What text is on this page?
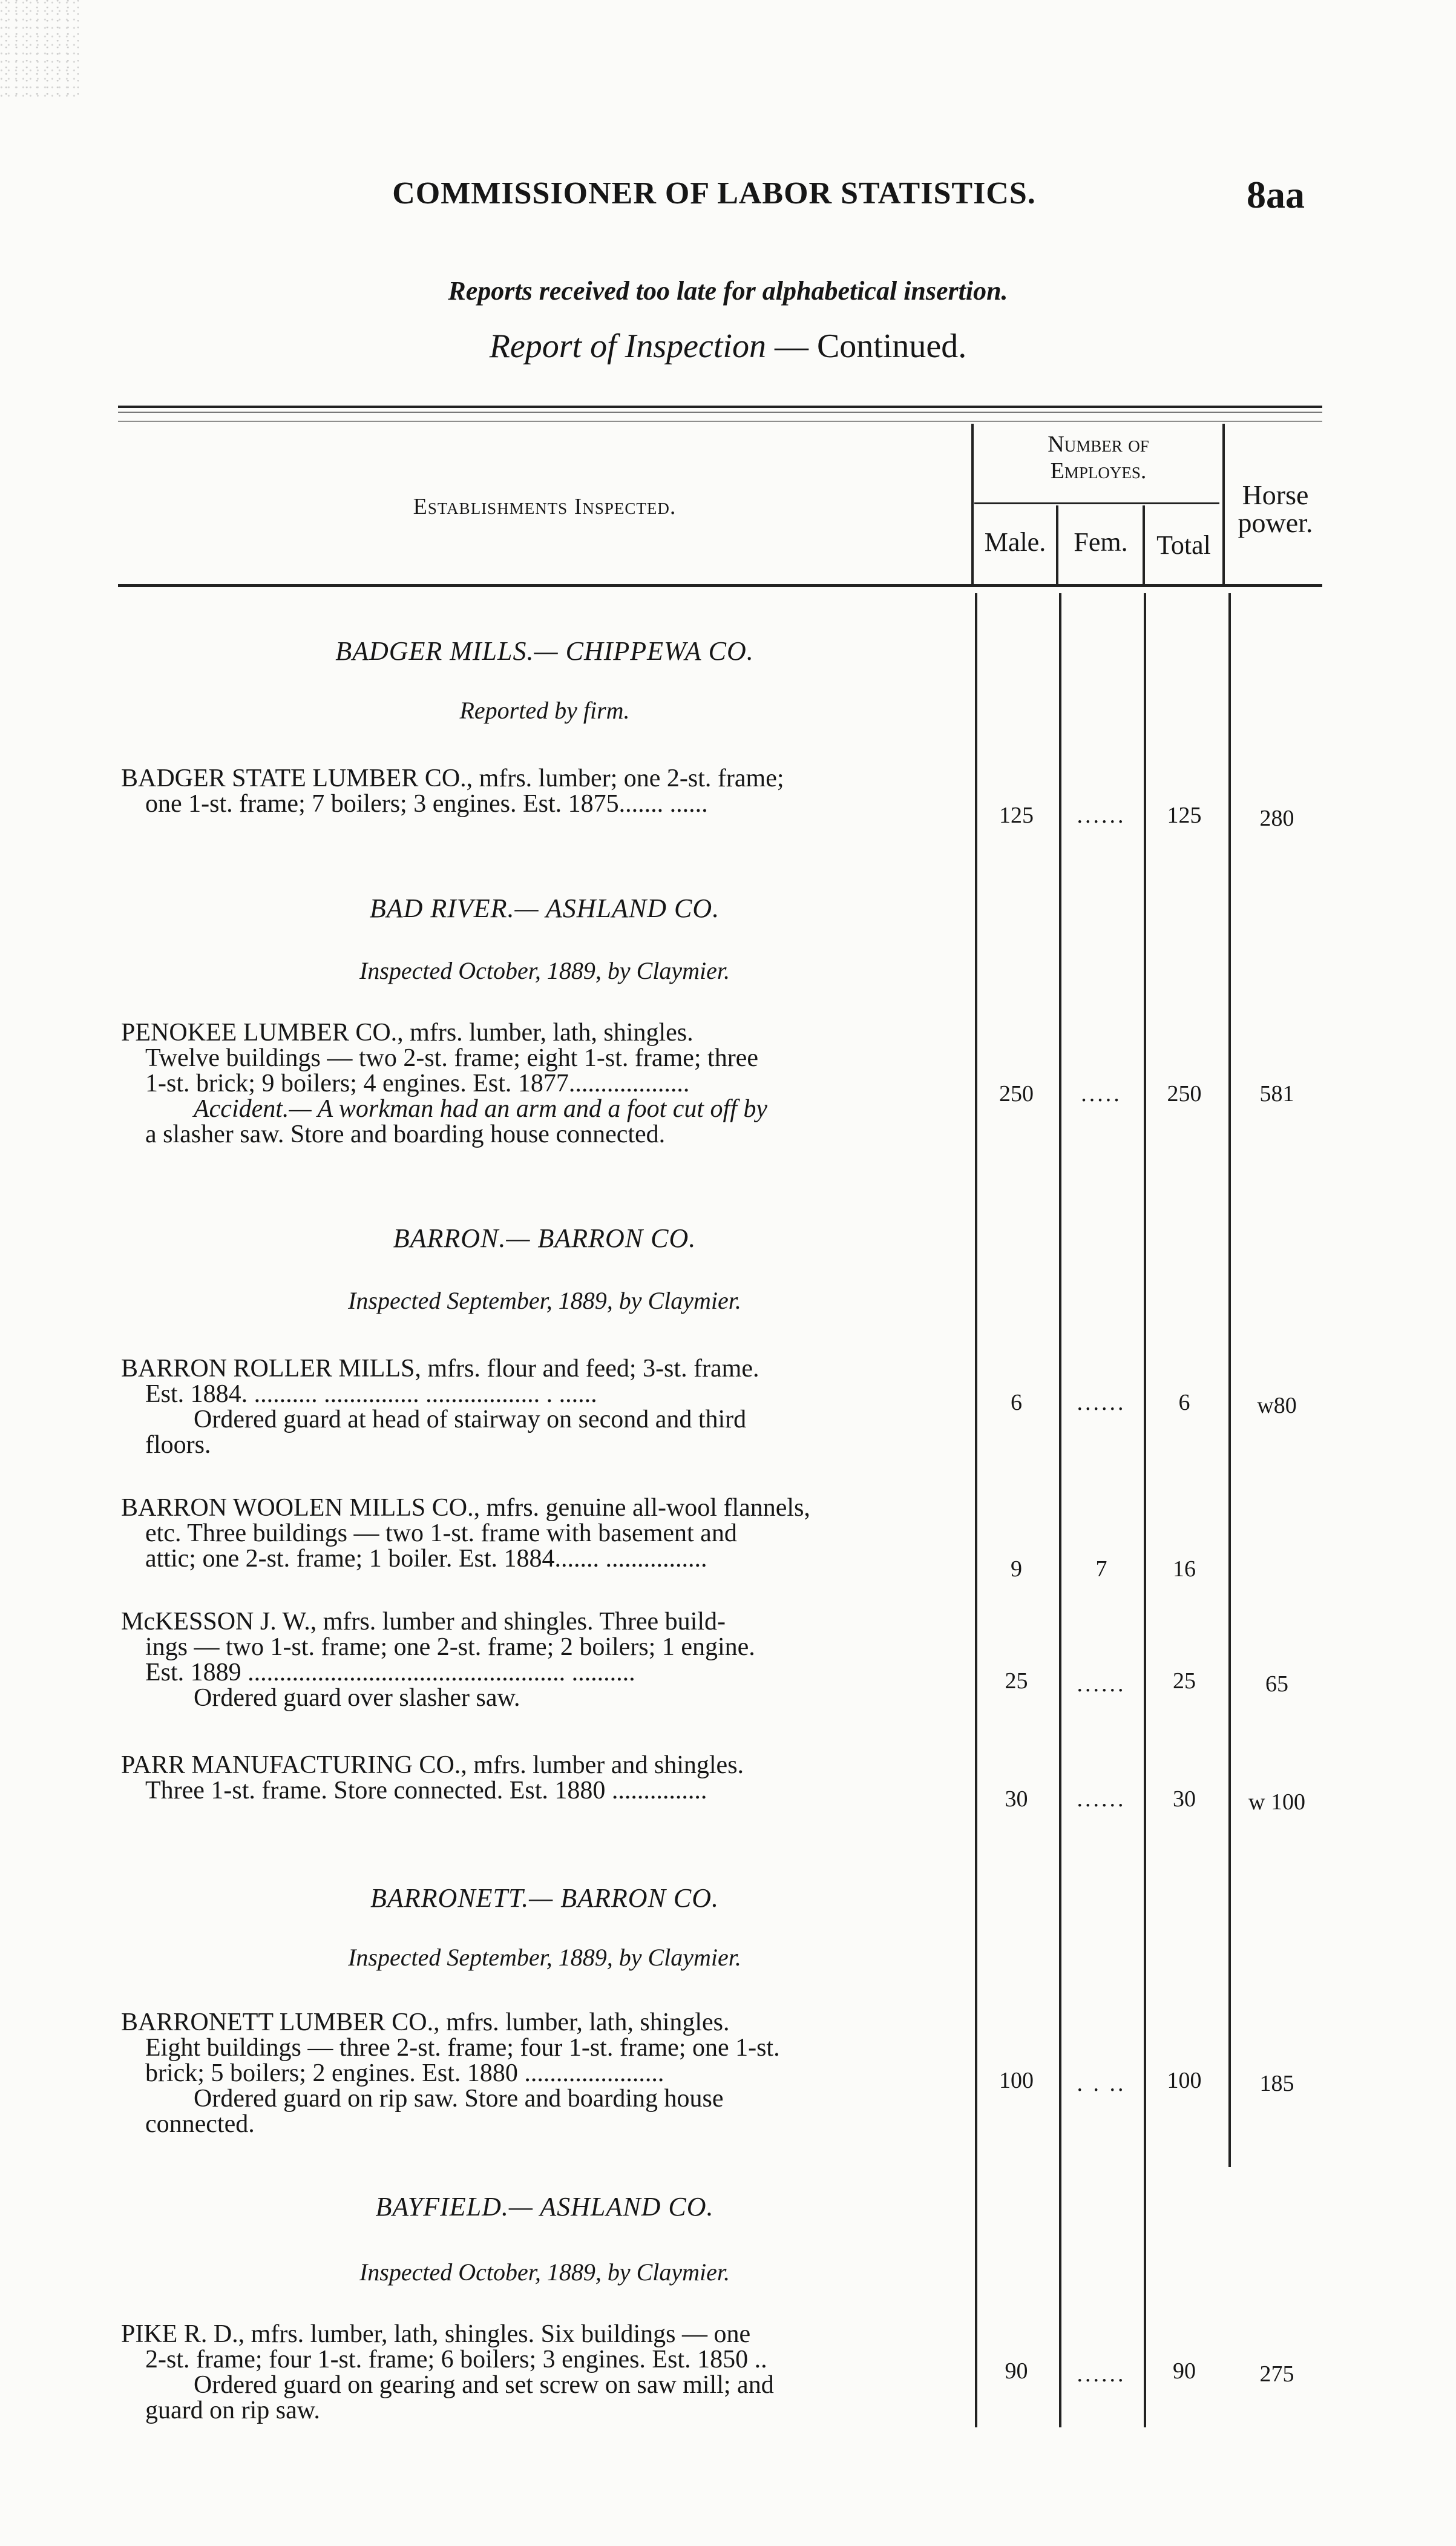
COMMISSIONER OF LABOR STATISTICS.	8aa
Reports received too late for alphabetical insertion.
Report of Inspection — Continued.
Establishments Inspected.
Number of
Employes.
Male.	Fem.	Total
Horse
power.
BADGER MILLS.— CHIPPEWA CO.
Reported by firm.
BADGER STATE LUMBER CO., mfrs. lumber; one 2-st. frame;
one 1-st. frame; 7 boilers; 3 engines. Est. 1875....... ......	125	......	125	280
BAD RIVER.— ASHLAND CO.
Inspected October, 1889, by Claymier.
PENOKEE LUMBER CO., mfrs. lumber, lath, shingles.
Twelve buildings — two 2-st. frame; eight 1-st. frame; three
1-st. brick; 9 boilers; 4 engines. Est. 1877...................
Accident.— A workman had an arm and a foot cut off by
a slasher saw. Store and boarding house connected.
250	.....	250	581
BARRON.— BARRON CO.
Inspected September, 1889, by Claymier.
BARRON ROLLER MILLS, mfrs. flour and feed; 3-st. frame.
Est. 1884. .......... ............... .................. . ......
Ordered guard at head of stairway on second and third
floors.
6	......	6	w80
BARRON WOOLEN MILLS CO., mfrs. genuine all-wool flannels,
etc. Three buildings — two 1-st. frame with basement and
attic; one 2-st. frame; 1 boiler. Est. 1884....... ................	9	7	16
McKESSON J. W., mfrs. lumber and shingles. Three build-
ings — two 1-st. frame; one 2-st. frame; 2 boilers; 1 engine.
Est. 1889 .................................................. ..........
Ordered guard over slasher saw.
25	......	25	65
PARR MANUFACTURING CO., mfrs. lumber and shingles.
Three 1-st. frame. Store connected. Est. 1880 ...............	30	......	30	w 100
BARRONETT.— BARRON CO.
Inspected September, 1889, by Claymier.
BARRONETT LUMBER CO., mfrs. lumber, lath, shingles.
Eight buildings — three 2-st. frame; four 1-st. frame; one 1-st.
brick; 5 boilers; 2 engines. Est. 1880 ......................
Ordered guard on rip saw. Store and boarding house
connected.
100	. . ..	100	185
BAYFIELD.— ASHLAND CO.
Inspected October, 1889, by Claymier.
PIKE R. D., mfrs. lumber, lath, shingles. Six buildings — one
2-st. frame; four 1-st. frame; 6 boilers; 3 engines. Est. 1850 ..
Ordered guard on gearing and set screw on saw mill; and
guard on rip saw.
90	......	90	275
